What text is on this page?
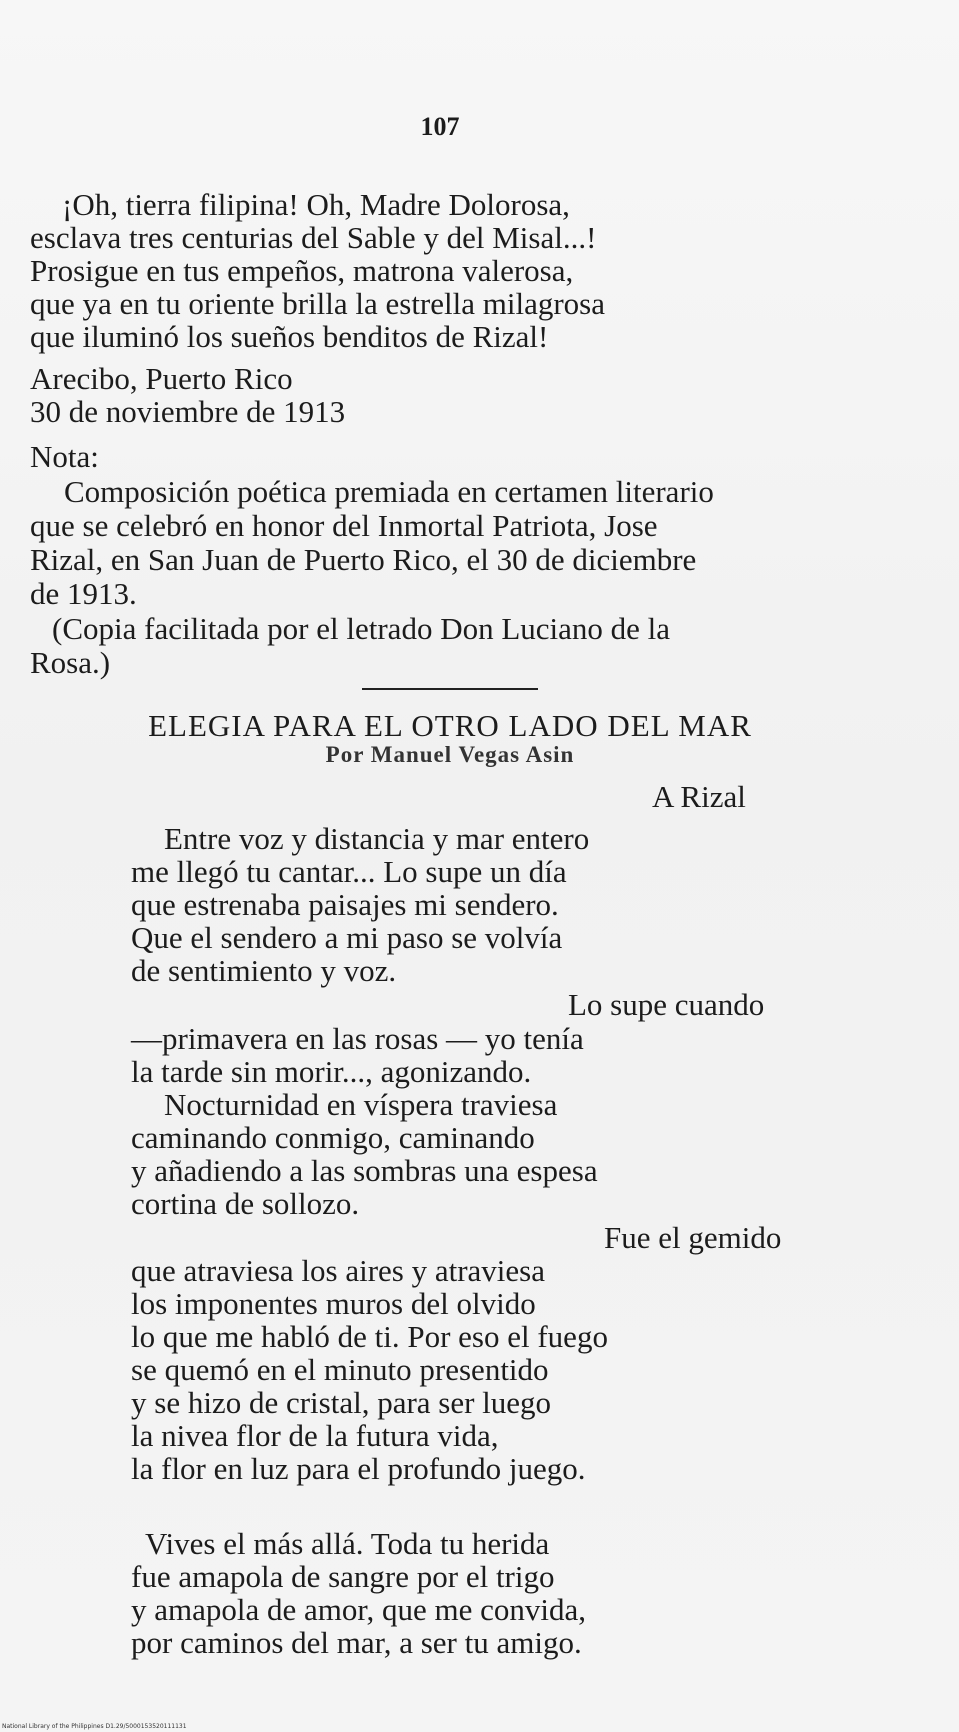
107
¡Oh, tierra filipina! Oh, Madre Dolorosa,
esclava tres centurias del Sable y del Misal...!
Prosigue en tus empeños, matrona valerosa,
que ya en tu oriente brilla la estrella milagrosa
que iluminó los sueños benditos de Rizal!
Arecibo, Puerto Rico
30 de noviembre de 1913
Nota:
Composición poética premiada en certamen literario
que se celebró en honor del Inmortal Patriota, Jose
Rizal, en San Juan de Puerto Rico, el 30 de diciembre
de 1913.
(Copia facilitada por el letrado Don Luciano de la
Rosa.)
ELEGIA PARA EL OTRO LADO DEL MAR
Por Manuel Vegas Asin
A Rizal
Entre voz y distancia y mar entero
me llegó tu cantar... Lo supe un día
que estrenaba paisajes mi sendero.
Que el sendero a mi paso se volvía
de sentimiento y voz.
Lo supe cuando
—primavera en las rosas — yo tenía
la tarde sin morir..., agonizando.
Nocturnidad en víspera traviesa
caminando conmigo, caminando
y añadiendo a las sombras una espesa
cortina de sollozo.
Fue el gemido
que atraviesa los aires y atraviesa
los imponentes muros del olvido
lo que me habló de ti. Por eso el fuego
se quemó en el minuto presentido
y se hizo de cristal, para ser luego
la nivea flor de la futura vida,
la flor en luz para el profundo juego.
Vives el más allá. Toda tu herida
fue amapola de sangre por el trigo
y amapola de amor, que me convida,
por caminos del mar, a ser tu amigo.
National Library of the Philippines D1.29/5000153520111131
